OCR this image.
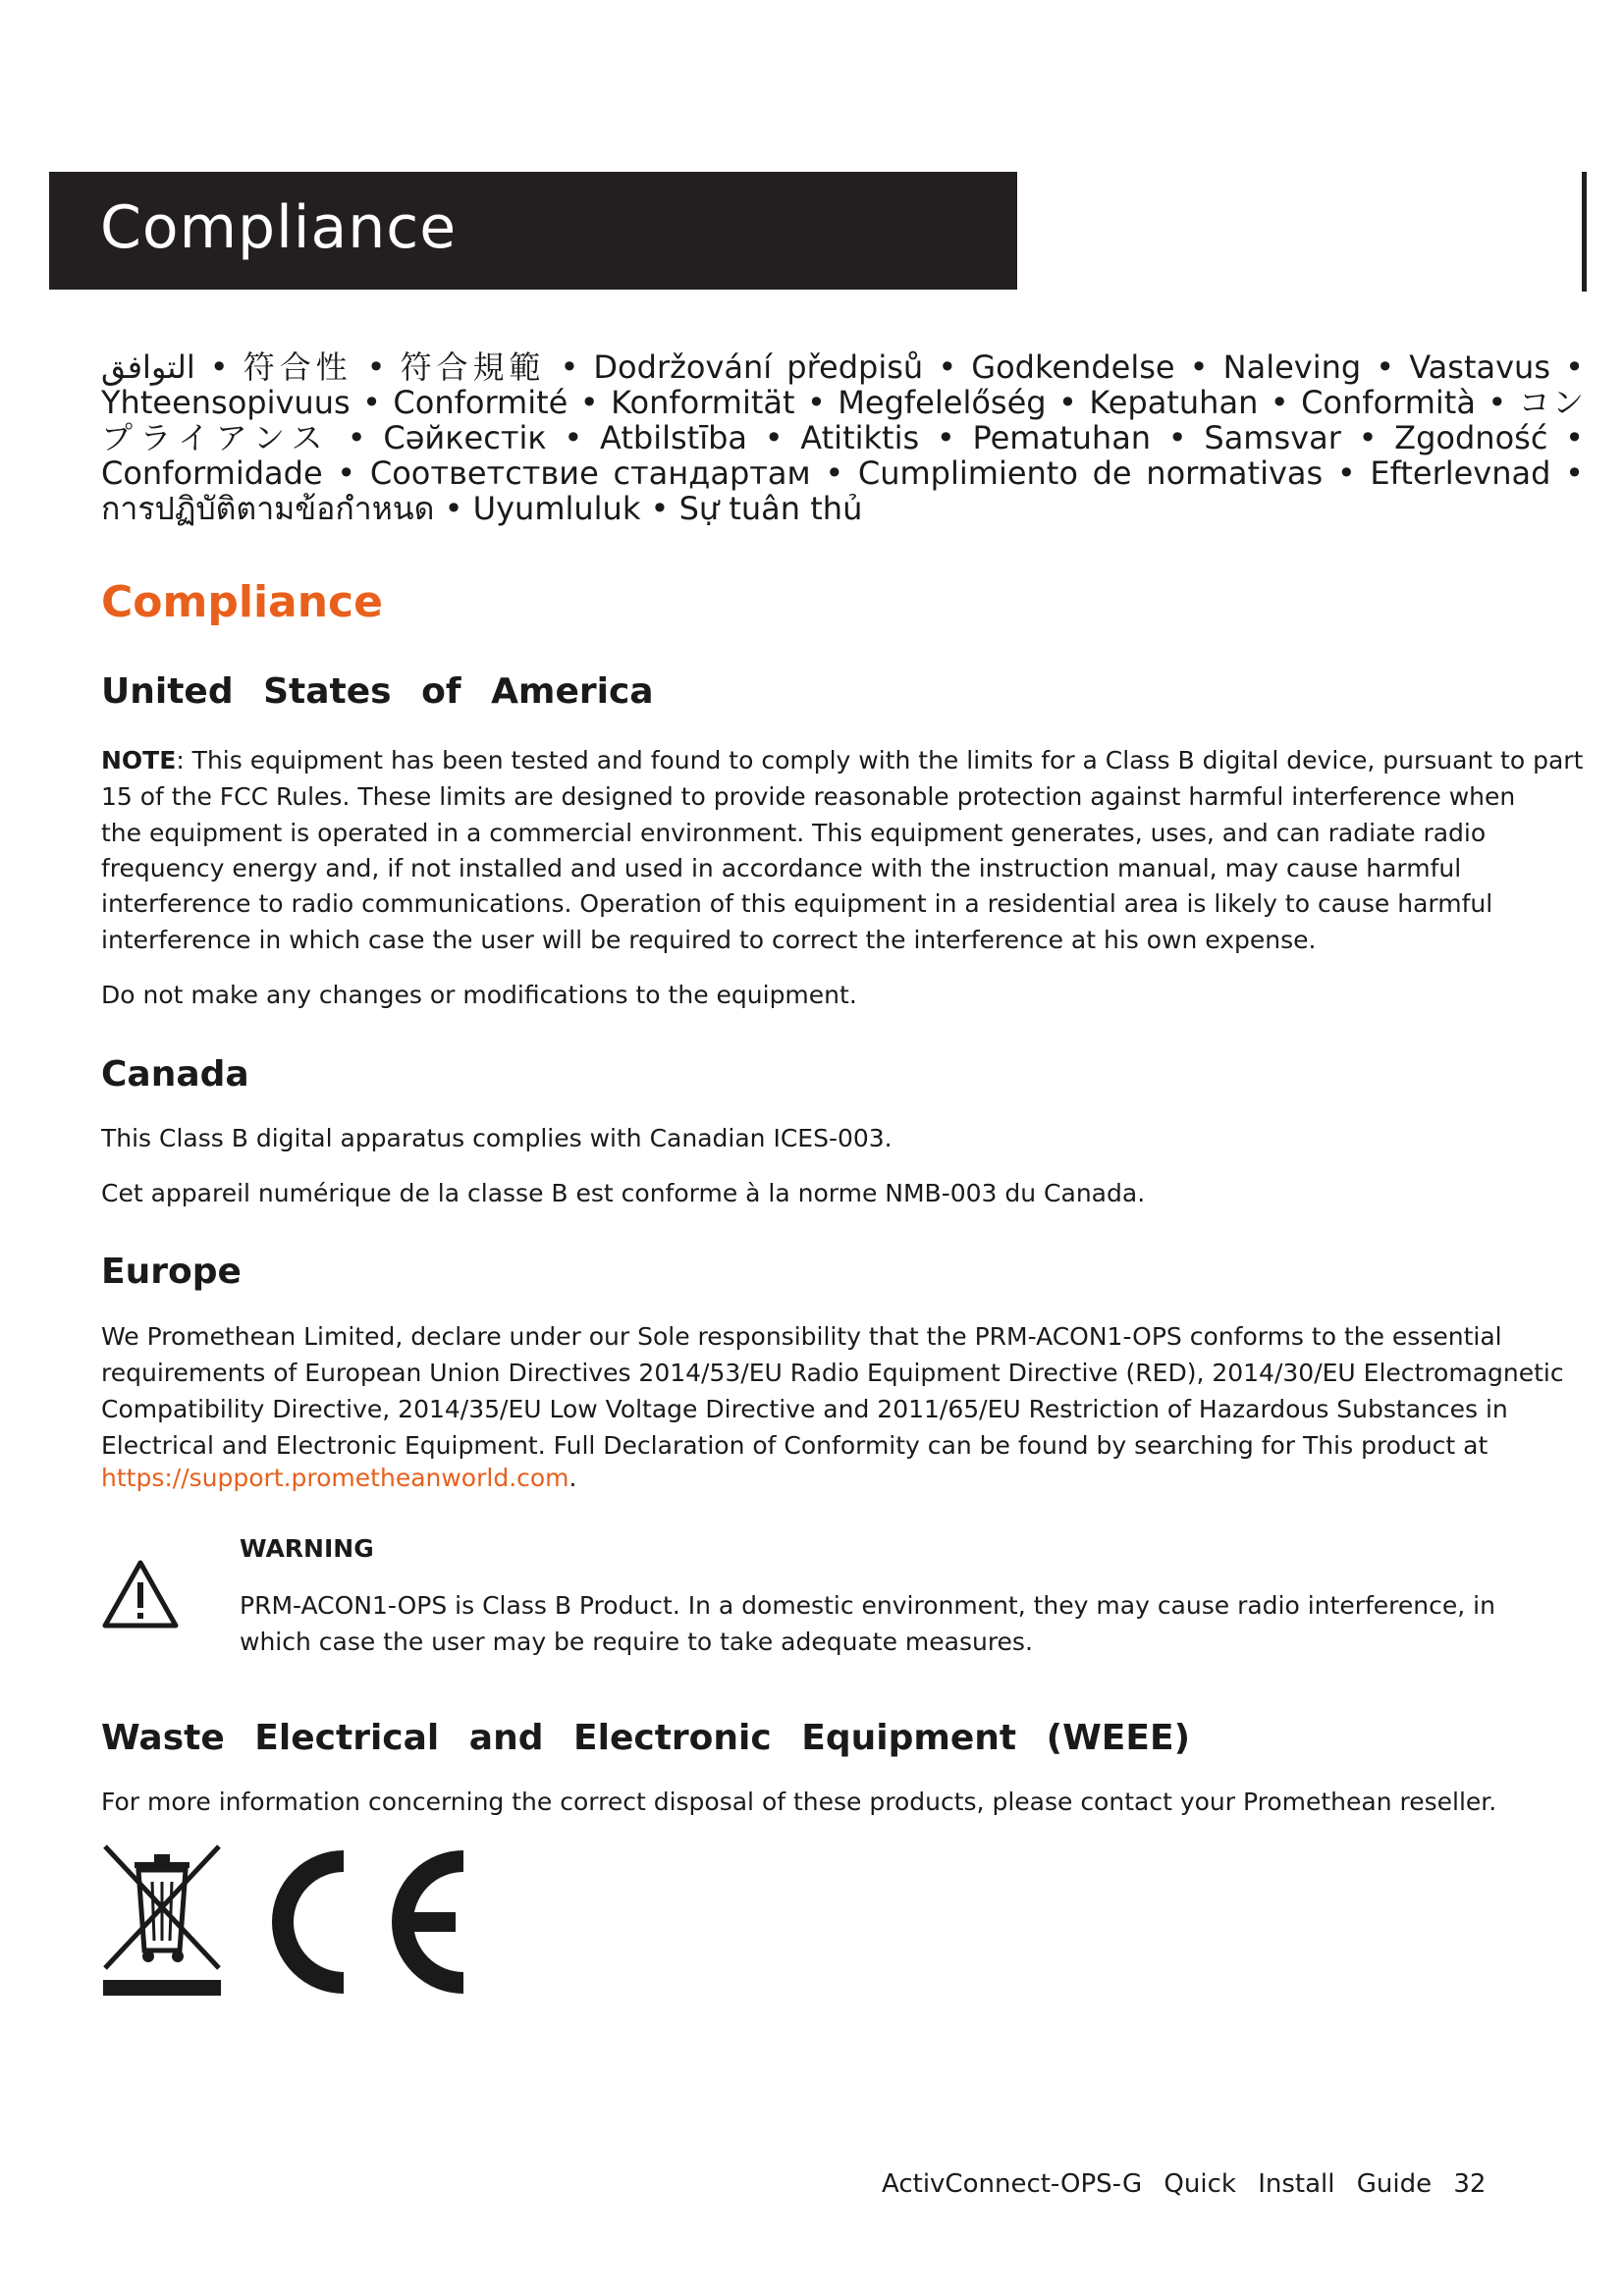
Compliance

التوافق • 符合性 • 符合規範 • Dodržování předpisů • Godkendelse • Naleving • Vastavus • Yhteensopivuus • Conformité • Konformität • Megfelelőség • Kepatuhan • Conformità • コンプライアンス • Сәйкестік • Atbilstība • Atitiktis • Pematuhan • Samsvar • Zgodność • Conformidade • Соответствие стандартам • Cumplimiento de normativas • Efterlevnad • การปฏิบัติตามข้อกำหนด • Uyumluluk • Sự tuân thủ

Compliance
United States of America

NOTE: This equipment has been tested and found to comply with the limits for a Class B digital device, pursuant to part

15 of the FCC Rules. These limits are designed to provide reasonable protection against harmful interference when

the equipment is operated in a commercial environment. This equipment generates, uses, and can radiate radio

frequency energy and, if not installed and used in accordance with the instruction manual, may cause harmful

interference to radio communications. Operation of this equipment in a residential area is likely to cause harmful

interference in which case the user will be required to correct the interference at his own expense.

Do not make any changes or modifications to the equipment.

Canada

This Class B digital apparatus complies with Canadian ICES-003.

Cet appareil numérique de la classe B est conforme à la norme NMB-003 du Canada.

Europe

We Promethean Limited, declare under our Sole responsibility that the PRM-ACON1-OPS conforms to the essential

requirements of European Union Directives 2014/53/EU Radio Equipment Directive (RED), 2014/30/EU Electromagnetic

Compatibility Directive, 2014/35/EU Low Voltage Directive and 2011/65/EU Restriction of Hazardous Substances in

Electrical and Electronic Equipment. Full Declaration of Conformity can be found by searching for This product at

https://support.prometheanworld.com.

WARNING

PRM-ACON1-OPS is Class B Product. In a domestic environment, they may cause radio interference, in
which case the user may be require to take adequate measures.
Waste Electrical and Electronic Equipment (WEEE)

For more information concerning the correct disposal of these products, please contact your Promethean reseller.

ActivConnect-OPS-G Quick Install Guide 32
